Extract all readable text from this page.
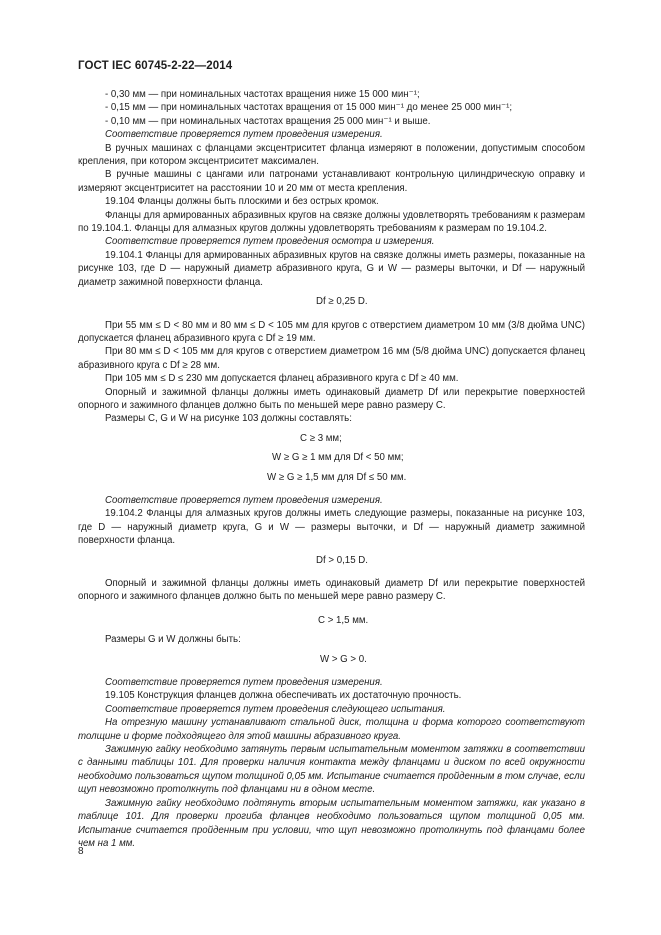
ГОСТ IEC 60745-2-22—2014

- 0,30 мм — при номинальных частотах вращения ниже 15 000 мин⁻¹;

- 0,15 мм — при номинальных частотах вращения от 15 000 мин⁻¹ до менее 25 000 мин⁻¹;

- 0,10 мм — при номинальных частотах вращения 25 000 мин⁻¹ и выше.

Соответствие проверяется путем проведения измерения.

В ручных машинах с фланцами эксцентриситет фланца измеряют в положении, допустимым способом крепления, при котором эксцентриситет максимален.

В ручные машины с цангами или патронами устанавливают контрольную цилиндрическую оправку и измеряют эксцентриситет на расстоянии 10 и 20 мм от места крепления.

19.104 Фланцы должны быть плоскими и без острых кромок.

Фланцы для армированных абразивных кругов на связке должны удовлетворять требованиям к размерам по 19.104.1. Фланцы для алмазных кругов должны удовлетворять требованиям к размерам по 19.104.2.

Соответствие проверяется путем проведения осмотра и измерения.

19.104.1 Фланцы для армированных абразивных кругов на связке должны иметь размеры, показанные на рисунке 103, где D — наружный диаметр абразивного круга, G и W — размеры выточки, и Df — наружный диаметр зажимной поверхности фланца.

Df ≥ 0,25 D.

При 55 мм ≤ D < 80 мм и 80 мм ≤ D < 105 мм для кругов с отверстием диаметром 10 мм (3/8 дюйма UNC) допускается фланец абразивного круга с Df ≥ 19 мм.

При 80 мм ≤ D < 105 мм для кругов с отверстием диаметром 16 мм (5/8 дюйма UNC) допускается фланец абразивного круга с Df ≥ 28 мм.

При 105 мм ≤ D ≤ 230 мм допускается фланец абразивного круга с Df ≥ 40 мм.

Опорный и зажимной фланцы должны иметь одинаковый диаметр Df или перекрытие поверхностей опорного и зажимного фланцев должно быть по меньшей мере равно размеру C.

Размеры C, G и W на рисунке 103 должны составлять:

C ≥ 3 мм;

W ≥ G ≥ 1 мм для Df < 50 мм;

W ≥ G ≥ 1,5 мм для Df ≤ 50 мм.

Соответствие проверяется путем проведения измерения.

19.104.2 Фланцы для алмазных кругов должны иметь следующие размеры, показанные на рисунке 103, где D — наружный диаметр круга, G и W — размеры выточки, и Df — наружный диаметр зажимной поверхности фланца.

Df > 0,15 D.

Опорный и зажимной фланцы должны иметь одинаковый диаметр Df или перекрытие поверхностей опорного и зажимного фланцев должно быть по меньшей мере равно размеру C.

C > 1,5 мм.

Размеры G и W должны быть:

W > G > 0.

Соответствие проверяется путем проведения измерения.

19.105 Конструкция фланцев должна обеспечивать их достаточную прочность.

Соответствие проверяется путем проведения следующего испытания.

На отрезную машину устанавливают стальной диск, толщина и форма которого соответствуют толщине и форме подходящего для этой машины абразивного круга.

Зажимную гайку необходимо затянуть первым испытательным моментом затяжки в соответствии с данными таблицы 101. Для проверки наличия контакта между фланцами и диском по всей окружности необходимо пользоваться щупом толщиной 0,05 мм. Испытание считается пройденным в том случае, если щуп невозможно протолкнуть под фланцами ни в одном месте.

Зажимную гайку необходимо подтянуть вторым испытательным моментом затяжки, как указано в таблице 101. Для проверки прогиба фланцев необходимо пользоваться щупом толщиной 0,05 мм. Испытание считается пройденным при условии, что щуп невозможно протолкнуть под фланцами более чем на 1 мм.

8
